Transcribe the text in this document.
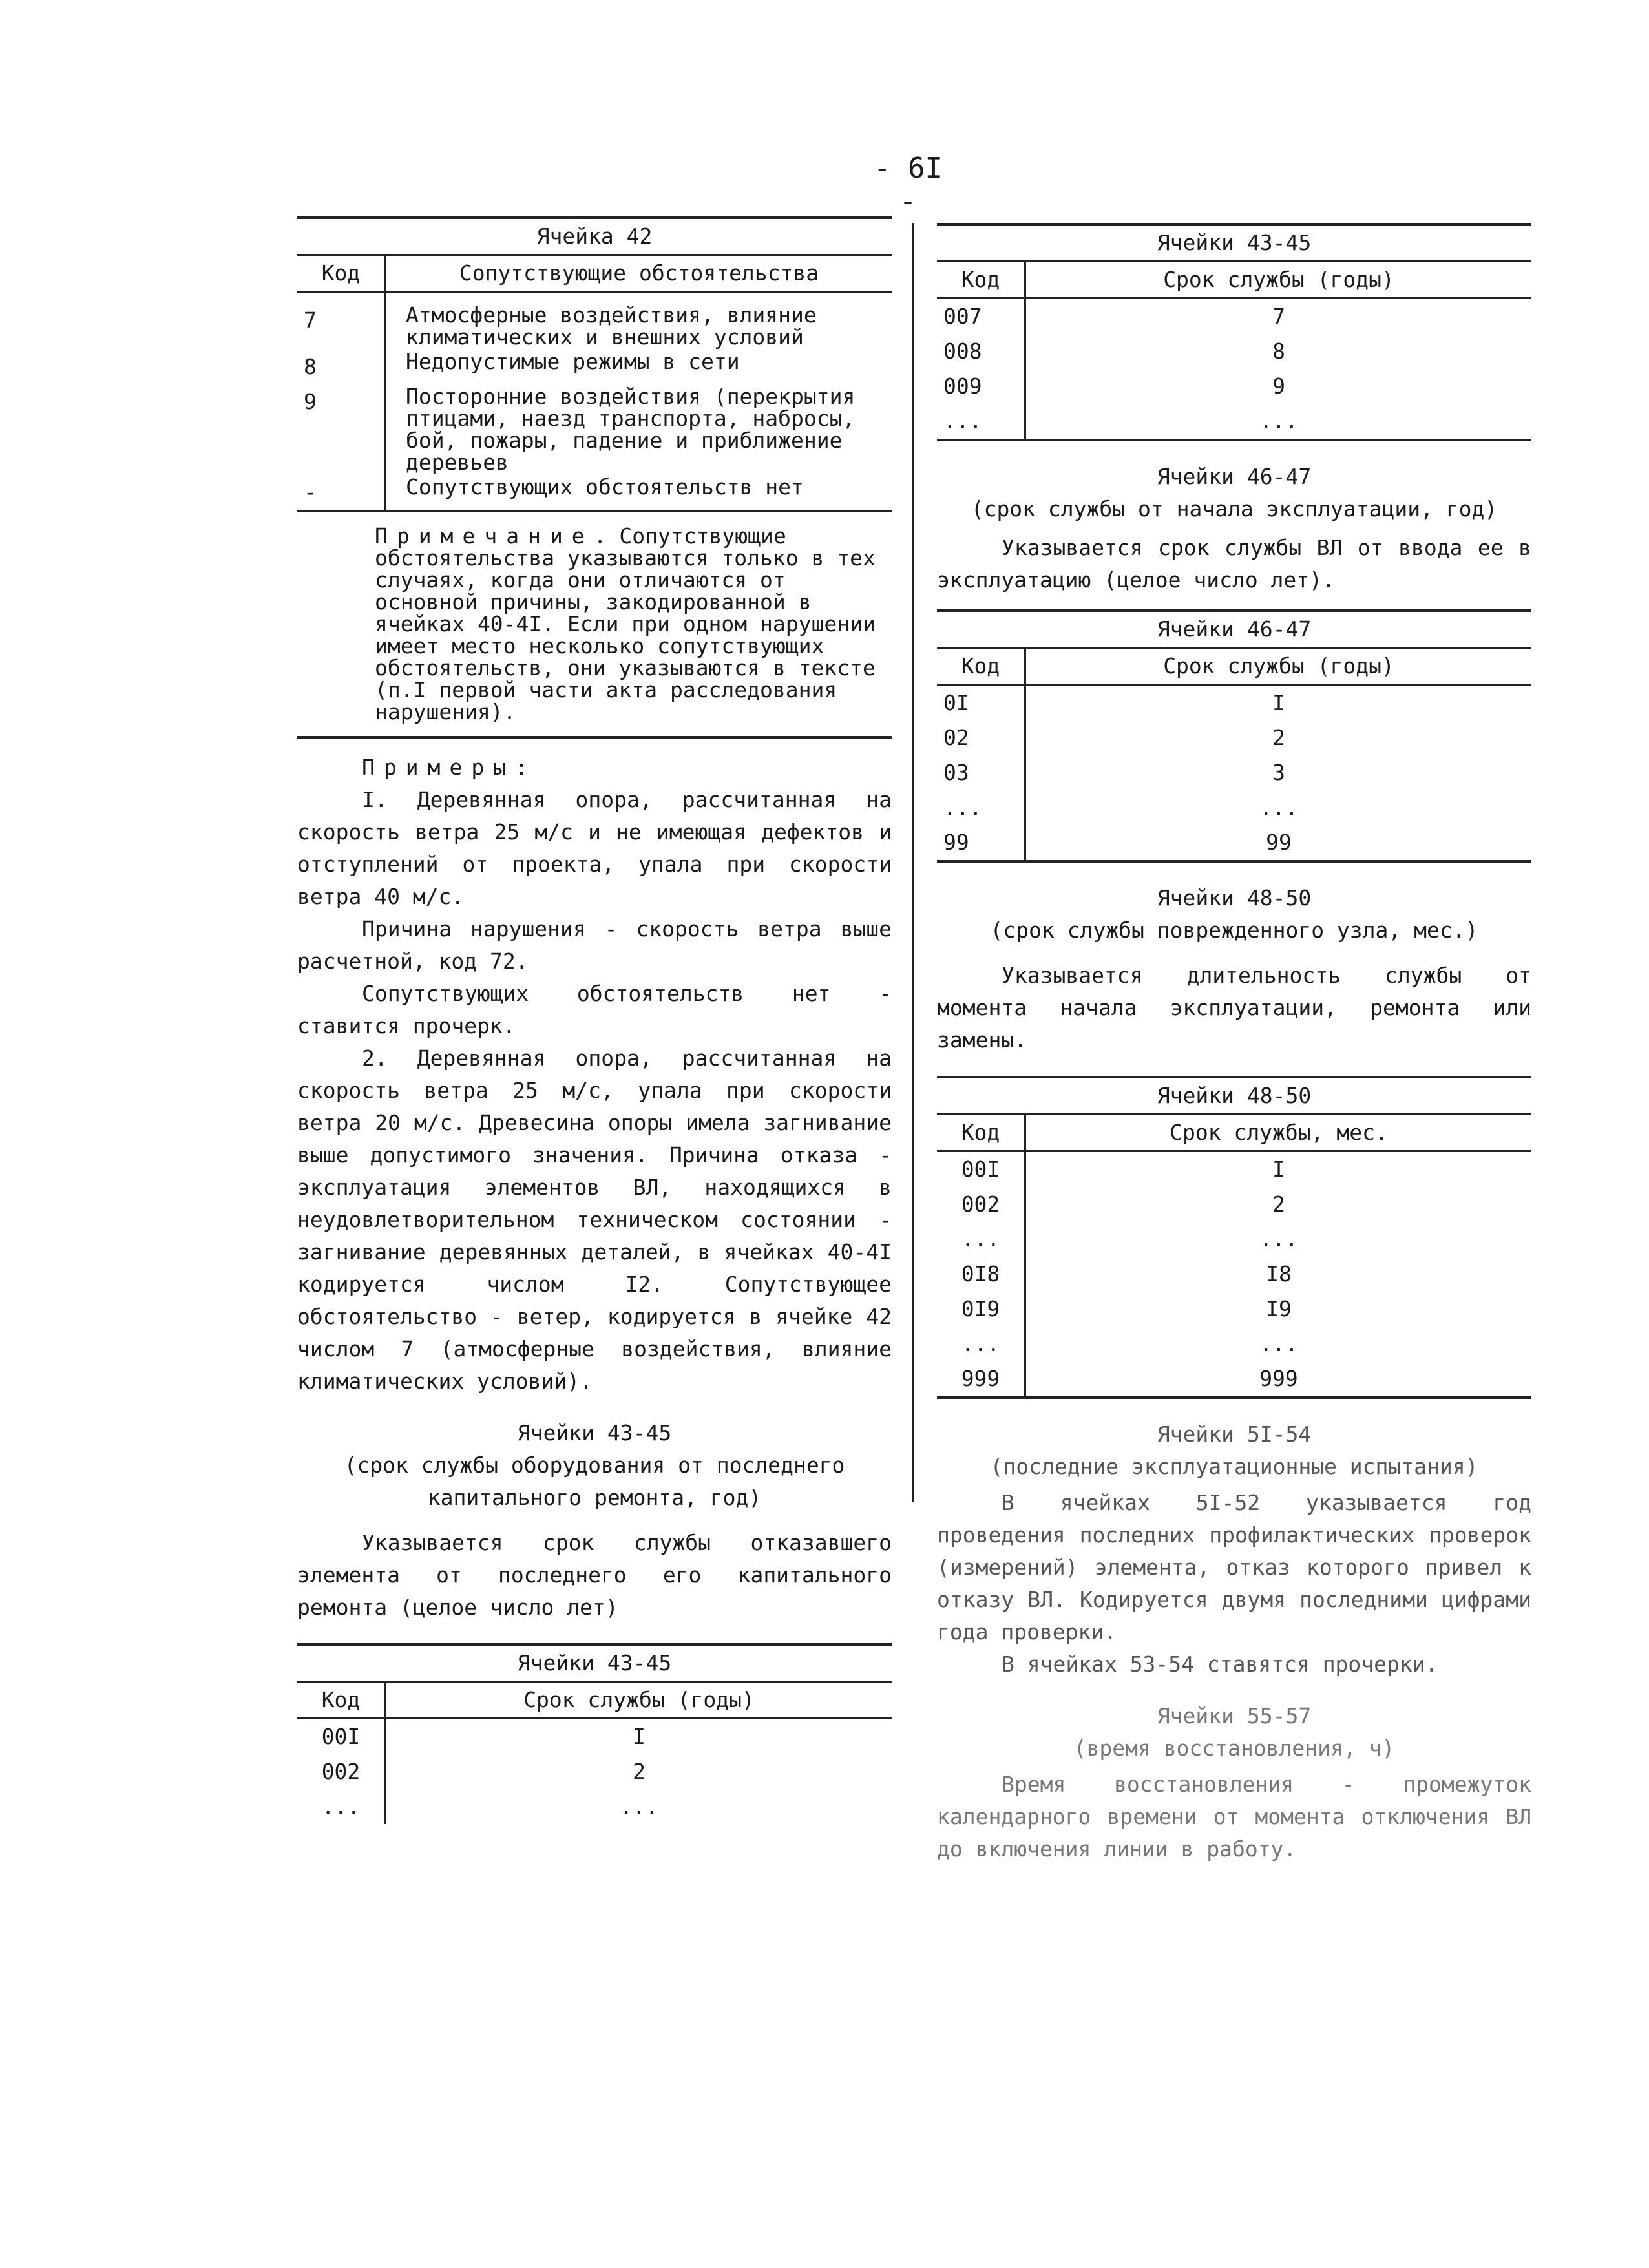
- 6I -
Ячейка 42	
Код	Сопутствующие обстоятельства
7	Атмосферные воздействия, влияние климатических и внешних условий
8	Недопустимые режимы в сети
9	Посторонние воздействия (перекрытия птицами, наезд транспорта, набросы, бой, пожары, падение и приближение деревьев
-	Сопутствующих обстоятельств нет
Примечание. Сопутствующие обстоятельства указываются только в тех случаях, когда они отличаются от основной причины, закодированной в ячейках 40-4I. Если при одном нарушении имеет место несколько сопутствующих обстоятельств, они указываются в тексте (п.I первой части акта расследования нарушения).
Примеры:
I. Деревянная опора, рассчитанная на скорость ветра 25 м/с и не имеющая дефектов и отступлений от проекта, упала при скорости ветра 40 м/с.
Причина нарушения - скорость ветра выше расчетной, код 72.
Сопутствующих обстоятельств нет - ставится прочерк.
2. Деревянная опора, рассчитанная на скорость ветра 25 м/с, упала при скорости ветра 20 м/с. Древесина опоры имела загнивание выше допустимого значения. Причина отказа - эксплуатация элементов ВЛ, находящихся в неудовлетворительном техническом состоянии - загнивание деревянных деталей, в ячейках 40-4I кодируется числом I2. Сопутствующее обстоятельство - ветер, кодируется в ячейке 42 числом 7 (атмосферные воздействия, влияние климатических условий).
Ячейки 43-45
(срок службы оборудования от последнего капитального ремонта, год)
Указывается срок службы отказавшего элемента от последнего его капитального ремонта (целое число лет)
Ячейки 43-45	
Код	Срок службы (годы)
00I	I
002	2
...	...
Ячейки 43-45	
Код	Срок службы (годы)
007	7
008	8
009	9
...	...
Ячейки 46-47
(срок службы от начала эксплуатации, год)
Указывается срок службы ВЛ от ввода ее в эксплуатацию (целое число лет).
Ячейки 46-47	
Код	Срок службы (годы)
0I	I
02	2
03	3
...	...
99	99
Ячейки 48-50
(срок службы поврежденного узла, мес.)
Указывается длительность службы от момента начала эксплуатации, ремонта или замены.
Ячейки 48-50	
Код	Срок службы, мес.
00I	I
002	2
...	...
0I8	I8
0I9	I9
...	...
999	999
Ячейки 5I-54
(последние эксплуатационные испытания)
В ячейках 5I-52 указывается год проведения последних профилактических проверок (измерений) элемента, отказ которого привел к отказу ВЛ. Кодируется двумя последними цифрами года проверки.
В ячейках 53-54 ставятся прочерки.
Ячейки 55-57
(время восстановления, ч)
Время восстановления - промежуток календарного времени от момента отключения ВЛ до включения линии в работу.
